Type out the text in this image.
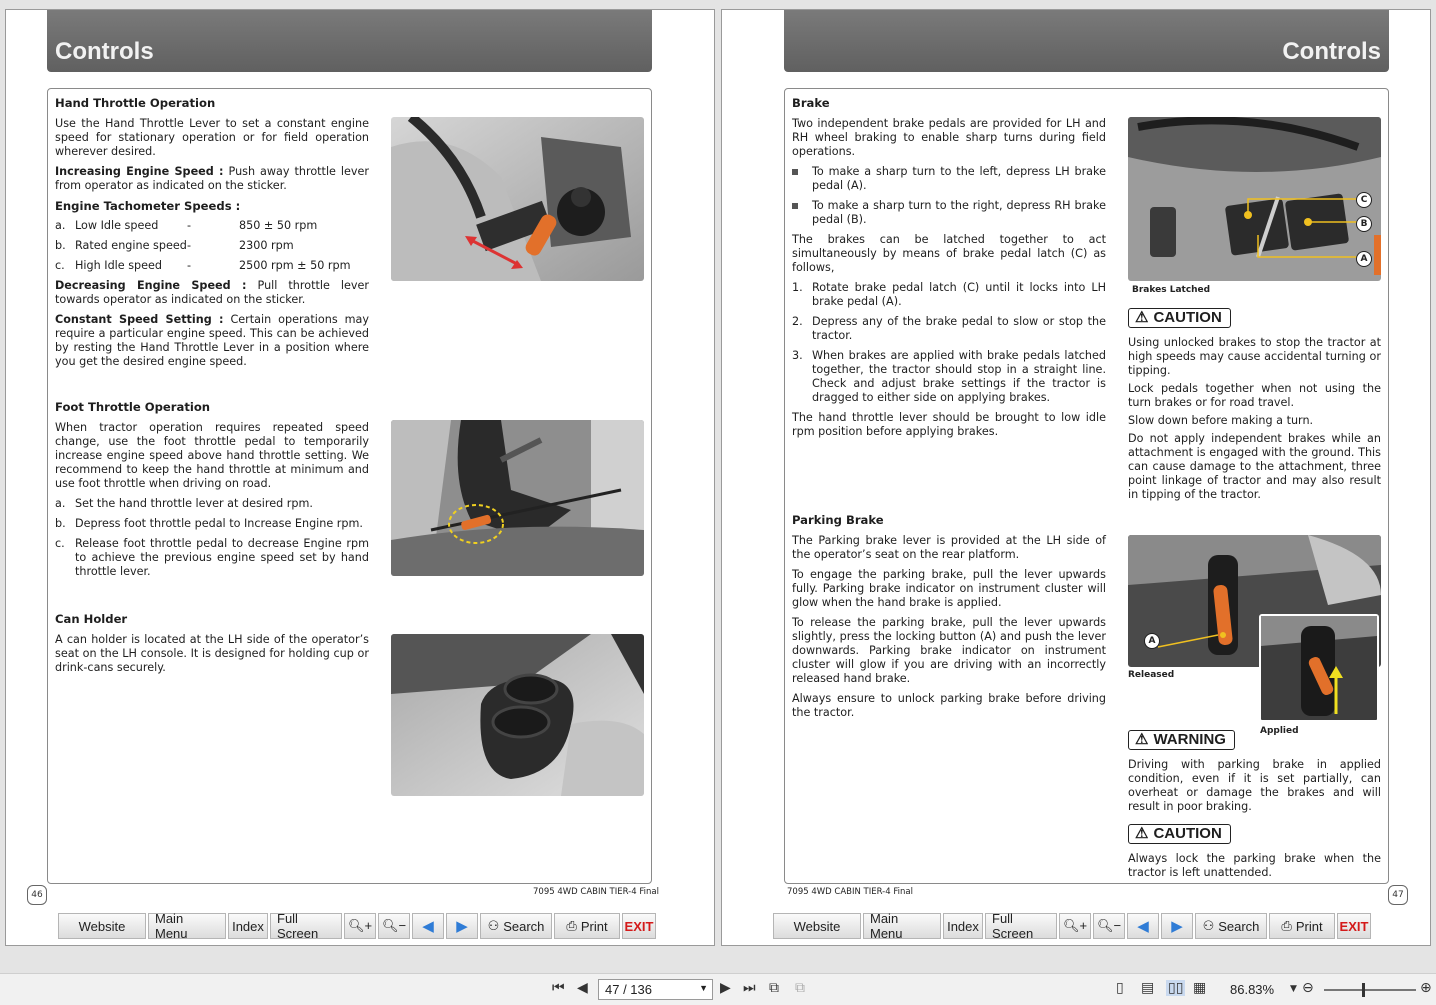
Controls
Hand Throttle Operation

Use the Hand Throttle Lever to set a constant engine speed for stationary operation or for field operation wherever desired.

Increasing Engine Speed : Push away throttle lever from operator as indicated on the sticker.

Engine Tachometer Speeds :
a. Low Idle speed	-	850 ± 50 rpm
b. Rated engine speed -	2300 rpm
c. High Idle speed	-	2500 rpm ± 50 rpm

Decreasing Engine Speed : Pull throttle lever towards operator as indicated on the sticker.

Constant Speed Setting : Certain operations may require a particular engine speed. This can be achieved by resting the Hand Throttle Lever in a position where you get the desired engine speed.

Foot Throttle Operation

When tractor operation requires repeated speed change, use the foot throttle pedal to temporarily increase engine speed above hand throttle setting. We recommend to keep the hand throttle at minimum and use foot throttle when driving on road.

a. Set the hand throttle lever at desired rpm.
b. Depress foot throttle pedal to Increase Engine rpm.
c. Release foot throttle pedal to decrease Engine rpm to achieve the previous engine speed set by hand throttle lever.
Can Holder

A can holder is located at the LH side of the operator’s seat on the LH console. It is designed for holding cup or drink-cans securely.

7095 4WD CABIN TIER-4 Final
46
Website	Main Menu	Index	Full Screen
🔍︎+ 🔍︎− ◀ ▶ ⚇ Search ⎙ Print EXIT
Controls
Brake

Two independent brake pedals are provided for LH and RH wheel braking to enable sharp turns during field operations.

To make a sharp turn to the left, depress LH brake pedal (A).
To make a sharp turn to the right, depress RH brake pedal (B).

The brakes can be latched together to act simultaneously by means of brake pedal latch (C) as follows,

1. Rotate brake pedal latch (C) until it locks into LH brake pedal (A).
2. Depress any of the brake pedal to slow or stop the tractor.
3. When brakes are applied with brake pedals latched together, the tractor should stop in a straight line. Check and adjust brake settings if the tractor is dragged to either side on applying brakes.

The hand throttle lever should be brought to low idle rpm position before applying brakes.

C
B
A
Brakes Latched
⚠ CAUTION

Using unlocked brakes to stop the tractor at high speeds may cause accidental turning or tipping.

Lock pedals together when not using the turn brakes or for road travel.

Slow down before making a turn.

Do not apply independent brakes while an attachment is engaged with the ground. This can cause damage to the attachment, three point linkage of tractor and may also result in tipping of the tractor.

Parking Brake

The Parking brake lever is provided at the LH side of the operator’s seat on the rear platform.

To engage the parking brake, pull the lever upwards fully. Parking brake indicator on instrument cluster will glow when the hand brake is applied.

To release the parking brake, pull the lever upwards slightly, press the locking button (A) and push the lever downwards. Parking brake indicator on instrument cluster will glow if you are driving with an incorrectly released hand brake.

Always ensure to unlock parking brake before driving the tractor.

A
Released
Applied
⚠ WARNING

Driving with parking brake in applied condition, even if it is set partially, can overheat or damage the brakes and will result in poor braking.

⚠ CAUTION

Always lock the parking brake when the tractor is left unattended.

7095 4WD CABIN TIER-4 Final	47
Website	Main Menu	Index	Full Screen
🔍︎+ 🔍︎− ◀ ▶ ⚇ Search ⎙ Print EXIT
⏮ ◀	47 / 136	▼ ▶ ⏭ ⧉ ⧉	▯ ▤ ▯▯ ▦ 86.83% ▼ ⊖	⊕
